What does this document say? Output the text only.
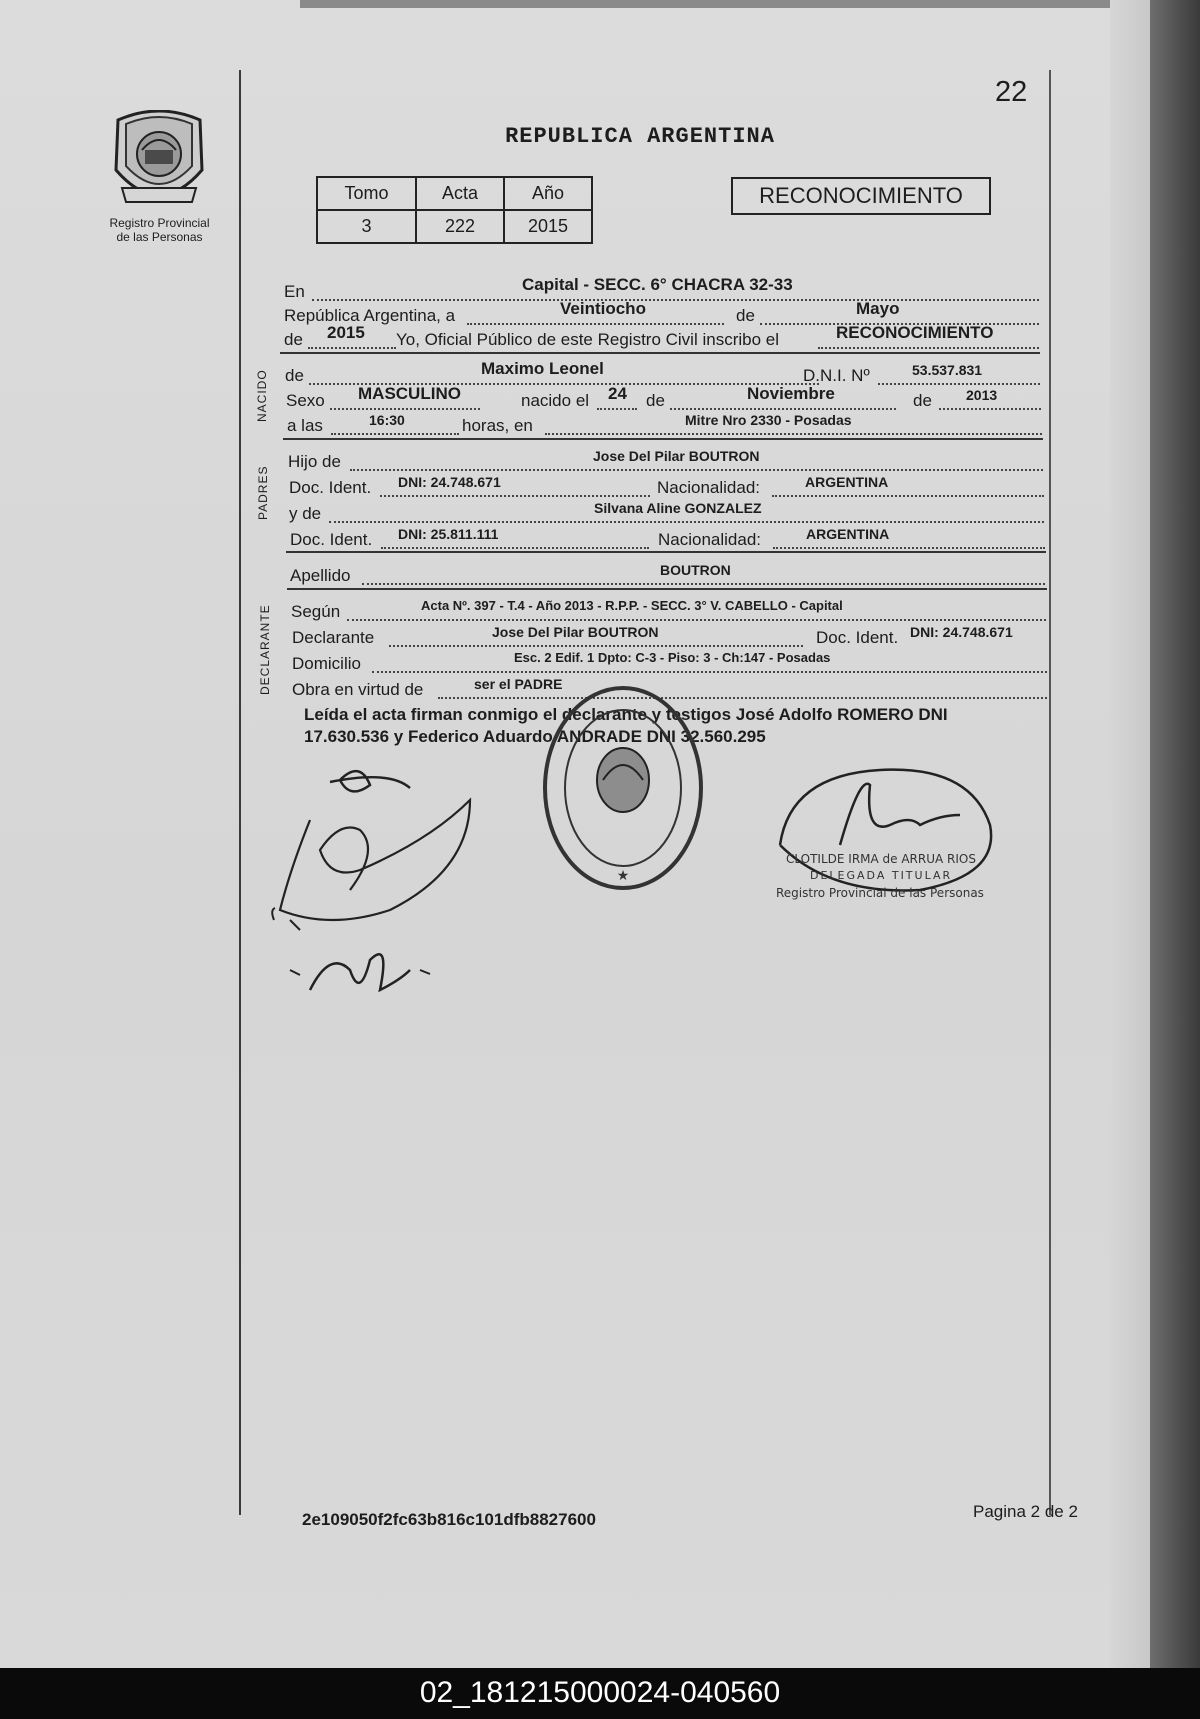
22
Registro Provincial
de las Personas
REPUBLICA ARGENTINA
Tomo	Acta	Año
3	222	2015
RECONOCIMIENTO
NACIDO
PADRES
DECLARANTE
En	Capital - SECC. 6° CHACRA 32-33
República Argentina, a	Veintiocho	de	Mayo
de 2015 Yo, Oficial Público de este Registro Civil inscribo el	RECONOCIMIENTO
de	Maximo Leonel	D.N.I. Nº	53.537.831
Sexo MASCULINO	nacido el 24 de	Noviembre	de 2013
a las	16:30	horas, en	Mitre Nro 2330 - Posadas
Hijo de	Jose Del Pilar BOUTRON
Doc. Ident. DNI: 24.748.671	Nacionalidad:	ARGENTINA
y de	Silvana Aline GONZALEZ
Doc. Ident. DNI: 25.811.111	Nacionalidad:	ARGENTINA
Apellido	BOUTRON
Según	Acta Nº. 397 - T.4 - Año 2013 - R.P.P. - SECC. 3° V. CABELLO - Capital
Declarante	Jose Del Pilar BOUTRON	Doc. Ident. DNI: 24.748.671
Domicilio	Esc. 2 Edif. 1 Dpto: C-3 - Piso: 3 - Ch:147 - Posadas
Obra en virtud de	ser el PADRE
Leída el acta firman conmigo el declarante y testigos José Adolfo ROMERO DNI 17.630.536 y Federico Aduardo ANDRADE DNI 32.560.295
★
CLOTILDE IRMA de ARRUA RIOS
DELEGADA TITULAR
Registro Provincial de las Personas
2e109050f2fc63b816c101dfb8827600	Pagina 2 de 2
02_181215000024-040560
